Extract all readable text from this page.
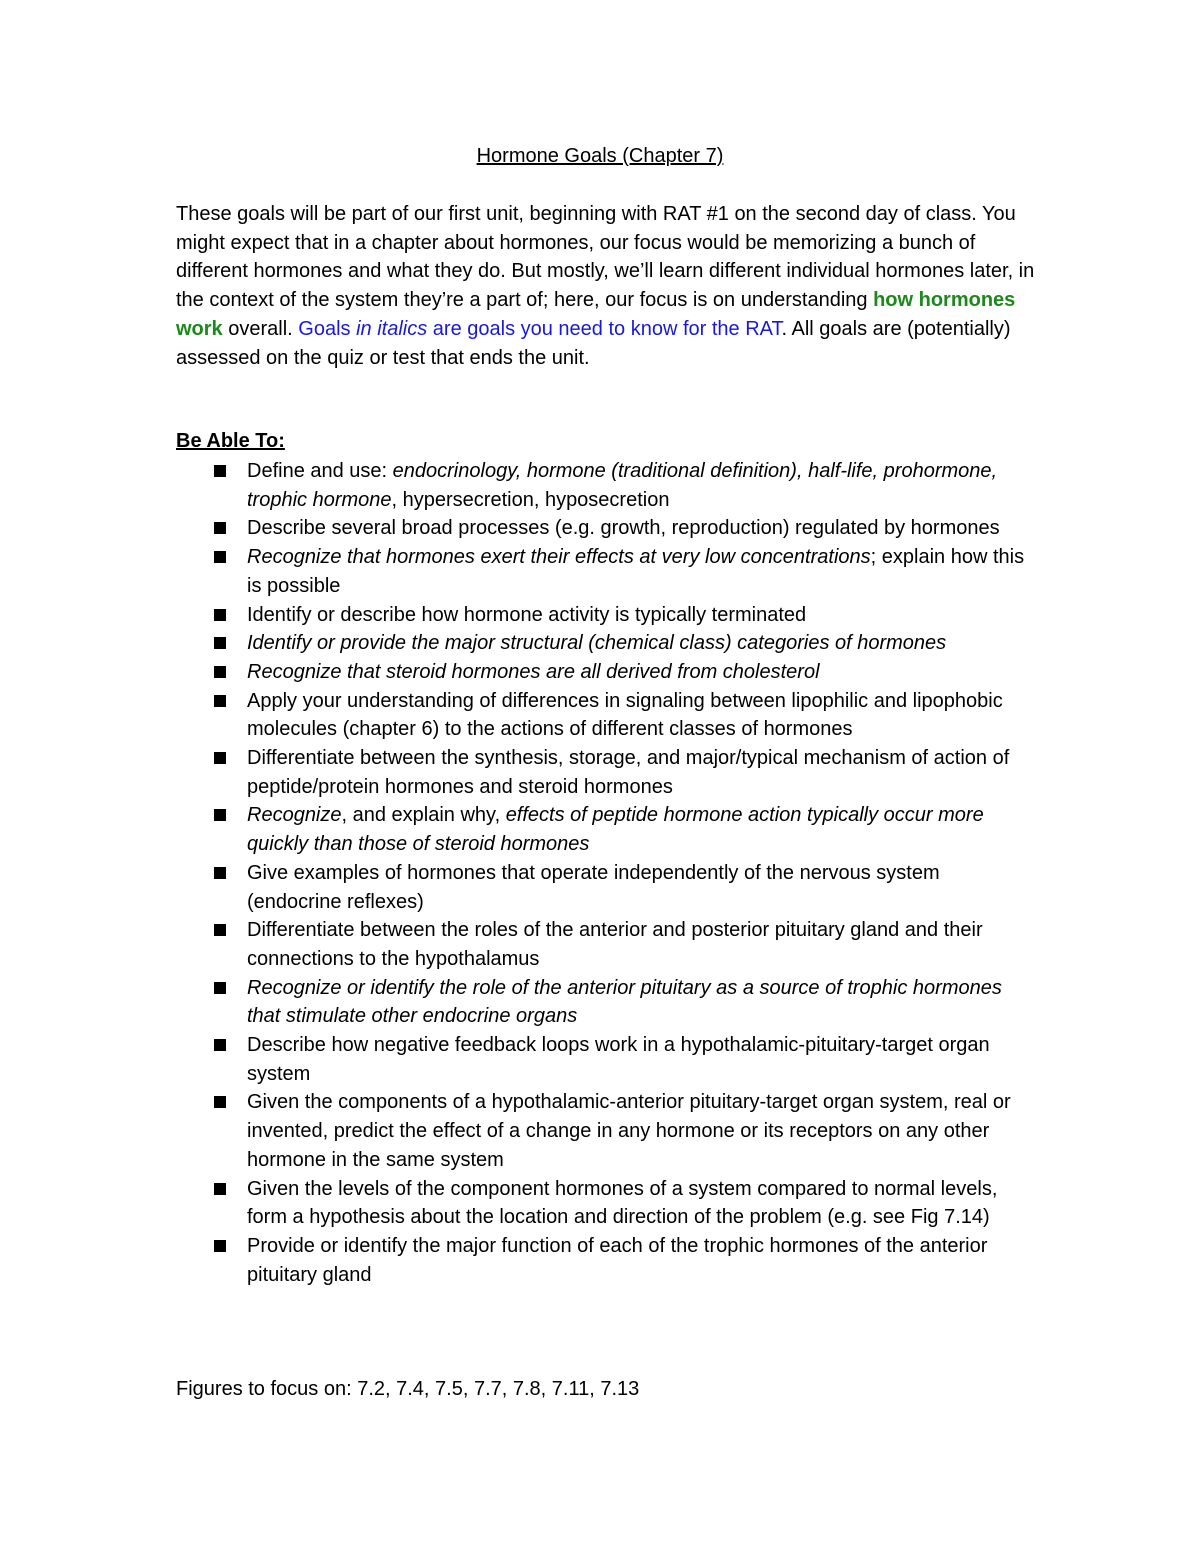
Hormone Goals (Chapter 7)
These goals will be part of our first unit, beginning with RAT #1 on the second day of class. You might expect that in a chapter about hormones, our focus would be memorizing a bunch of different hormones and what they do. But mostly, we’ll learn different individual hormones later, in the context of the system they’re a part of; here, our focus is on understanding how hormones work overall. Goals in italics are goals you need to know for the RAT. All goals are (potentially) assessed on the quiz or test that ends the unit.
Be Able To:
Define and use: endocrinology, hormone (traditional definition), half-life, prohormone, trophic hormone, hypersecretion, hyposecretion
Describe several broad processes (e.g. growth, reproduction) regulated by hormones
Recognize that hormones exert their effects at very low concentrations; explain how this is possible
Identify or describe how hormone activity is typically terminated
Identify or provide the major structural (chemical class) categories of hormones
Recognize that steroid hormones are all derived from cholesterol
Apply your understanding of differences in signaling between lipophilic and lipophobic molecules (chapter 6) to the actions of different classes of hormones
Differentiate between the synthesis, storage, and major/typical mechanism of action of peptide/protein hormones and steroid hormones
Recognize, and explain why, effects of peptide hormone action typically occur more quickly than those of steroid hormones
Give examples of hormones that operate independently of the nervous system (endocrine reflexes)
Differentiate between the roles of the anterior and posterior pituitary gland and their connections to the hypothalamus
Recognize or identify the role of the anterior pituitary as a source of trophic hormones that stimulate other endocrine organs
Describe how negative feedback loops work in a hypothalamic-pituitary-target organ system
Given the components of a hypothalamic-anterior pituitary-target organ system, real or invented, predict the effect of a change in any hormone or its receptors on any other hormone in the same system
Given the levels of the component hormones of a system compared to normal levels, form a hypothesis about the location and direction of the problem (e.g. see Fig 7.14)
Provide or identify the major function of each of the trophic hormones of the anterior pituitary gland
Figures to focus on: 7.2, 7.4, 7.5, 7.7, 7.8, 7.11, 7.13
